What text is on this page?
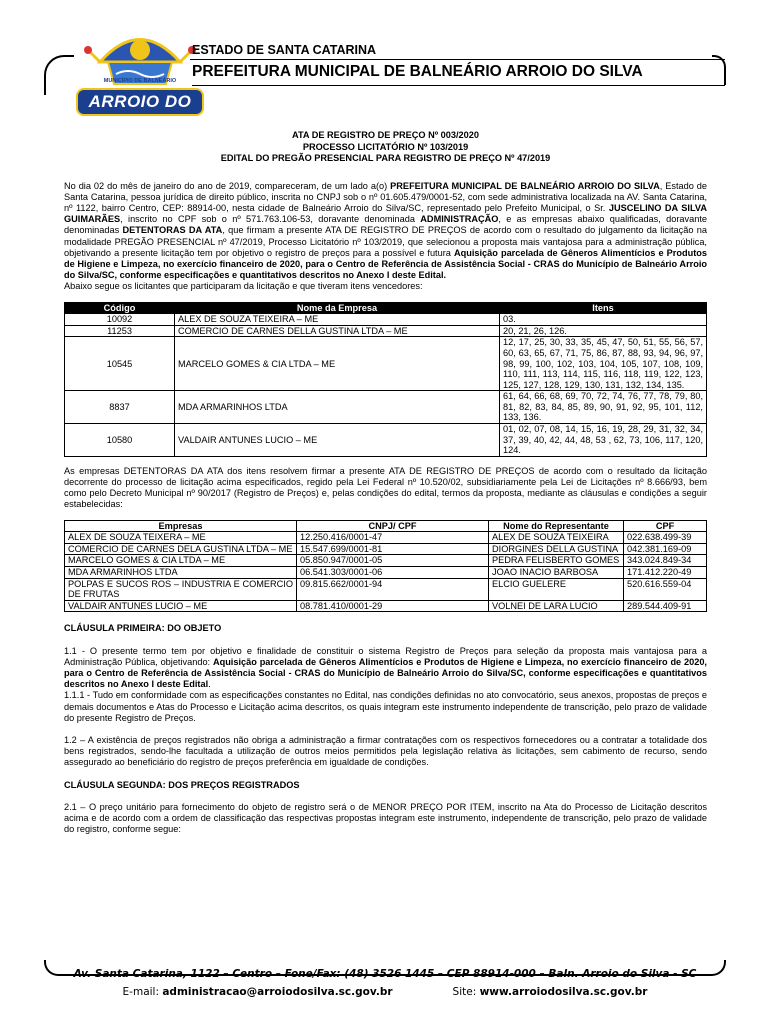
MUNICÍPIO DE BALNEÁRIO
ARROIO DO SILVA
ESTADO DE SANTA CATARINA
PREFEITURA MUNICIPAL DE BALNEÁRIO ARROIO DO SILVA
ATA DE REGISTRO DE PREÇO Nº 003/2020
PROCESSO LICITATÓRIO Nº 103/2019
EDITAL DO PREGÃO PRESENCIAL PARA REGISTRO DE PREÇO Nº 47/2019
No dia 02 do mês de janeiro do ano de 2019, compareceram, de um lado a(o) PREFEITURA MUNICIPAL DE BALNEÁRIO ARROIO DO SILVA, Estado de Santa Catarina, pessoa jurídica de direito público, inscrita no CNPJ sob o nº 01.605.479/0001-52, com sede administrativa localizada na AV. Santa Catarina, nº 1122, bairro Centro, CEP: 88914-00, nesta cidade de Balneário Arroio do Silva/SC, representado pelo Prefeito Municipal, o Sr. JUSCELINO DA SILVA GUIMARÃES, inscrito no CPF sob o nº 571.763.106-53, doravante denominada ADMINISTRAÇÃO, e as empresas abaixo qualificadas, doravante denominadas DETENTORAS DA ATA, que firmam a presente ATA DE REGISTRO DE PREÇOS de acordo com o resultado do julgamento da licitação na modalidade PREGÃO PRESENCIAL nº 47/2019, Processo Licitatório nº 103/2019, que selecionou a proposta mais vantajosa para a administração pública, objetivando a presente licitação tem por objetivo o registro de preços para a possível e futura Aquisição parcelada de Gêneros Alimentícios e Produtos de Higiene e Limpeza, no exercício financeiro de 2020, para o Centro de Referência de Assistência Social - CRAS do Município de Balneário Arroio do Silva/SC, conforme especificações e quantitativos descritos no Anexo I deste Edital.
Abaixo segue os licitantes que participaram da licitação e que tiveram itens vencedores:
Código	Nome da Empresa	Itens
10092	ALEX DE SOUZA TEIXEIRA – ME	03.
11253	COMERCIO DE CARNES DELLA GUSTINA LTDA – ME	20, 21, 26, 126.
10545	MARCELO GOMES & CIA LTDA – ME	12, 17, 25, 30, 33, 35, 45, 47, 50, 51, 55, 56, 57, 60, 63, 65, 67, 71, 75, 86, 87, 88, 93, 94, 96, 97, 98, 99, 100, 102, 103, 104, 105, 107, 108, 109, 110, 111, 113, 114, 115, 116, 118, 119, 122, 123, 125, 127, 128, 129, 130, 131, 132, 134, 135.
8837	MDA ARMARINHOS LTDA	61, 64, 66, 68, 69, 70, 72, 74, 76, 77, 78, 79, 80, 81, 82, 83, 84, 85, 89, 90, 91, 92, 95, 101, 112, 133, 136.
10580	VALDAIR ANTUNES LUCIO – ME	01, 02, 07, 08, 14, 15, 16, 19, 28, 29, 31, 32, 34, 37, 39, 40, 42, 44, 48, 53 , 62, 73, 106, 117, 120, 124.
As empresas DETENTORAS DA ATA dos itens resolvem firmar a presente ATA DE REGISTRO DE PREÇOS de acordo com o resultado da licitação decorrente do processo de licitação acima especificados, regido pela Lei Federal nº 10.520/02, subsidiariamente pela Lei de Licitações nº 8.666/93, bem como pelo Decreto Municipal nº 90/2017 (Registro de Preços) e, pelas condições do edital, termos da proposta, mediante as cláusulas e condições a seguir estabelecidas:
Empresas	CNPJ/ CPF	Nome do Representante	CPF
ALEX DE SOUZA TEIXERA – ME	12.250.416/0001-47	ALEX DE SOUZA TEIXEIRA	022.638.499-39
COMERCIO DE CARNES DELA GUSTINA LTDA – ME	15.547.699/0001-81	DIORGINES DELLA GUSTINA	042.381.169-09
MARCELO GOMES & CIA LTDA – ME	05.850.947/0001-05	PEDRA FELISBERTO GOMES	343.024.849-34
MDA ARMARINHOS LTDA	06.541.303/0001-06	JOAO INACIO BARBOSA	171.412.220-49
POLPAS E SUCOS ROS – INDUSTRIA E COMERCIO DE FRUTAS	09.815.662/0001-94	ELCIO GUELERE	520.616.559-04
VALDAIR ANTUNES LUCIO – ME	08.781.410/0001-29	VOLNEI DE LARA LUCIO	289.544.409-91
CLÁUSULA PRIMEIRA: DO OBJETO
1.1 - O presente termo tem por objetivo e finalidade de constituir o sistema Registro de Preços para seleção da proposta mais vantajosa para a Administração Pública, objetivando: Aquisição parcelada de Gêneros Alimentícios e Produtos de Higiene e Limpeza, no exercício financeiro de 2020, para o Centro de Referência de Assistência Social - CRAS do Município de Balneário Arroio do Silva/SC, conforme especificações e quantitativos descritos no Anexo I deste Edital.
1.1.1 - Tudo em conformidade com as especificações constantes no Edital, nas condições definidas no ato convocatório, seus anexos, propostas de preços e demais documentos e Atas do Processo e Licitação acima descritos, os quais integram este instrumento independente de transcrição, pelo prazo de validade do presente Registro de Preços.
1.2 – A existência de preços registrados não obriga a administração a firmar contratações com os respectivos fornecedores ou a contratar a totalidade dos bens registrados, sendo-lhe facultada a utilização de outros meios permitidos pela legislação relativa às licitações, sem cabimento de recurso, sendo assegurado ao beneficiário do registro de preços preferência em igualdade de condições.
CLÁUSULA SEGUNDA: DOS PREÇOS REGISTRADOS
2.1 – O preço unitário para fornecimento do objeto de registro será o de MENOR PREÇO POR ITEM, inscrito na Ata do Processo de Licitação descritos acima e de acordo com a ordem de classificação das respectivas propostas integram este instrumento, independente de transcrição, pelo prazo de validade do registro, conforme segue:
Av. Santa Catarina, 1122 – Centro – Fone/Fax: (48) 3526 1445 – CEP 88914-000 – Baln. Arroio do Silva - SC
E-mail: administracao@arroiodosilva.sc.gov.br	Site: www.arroiodosilva.sc.gov.br
